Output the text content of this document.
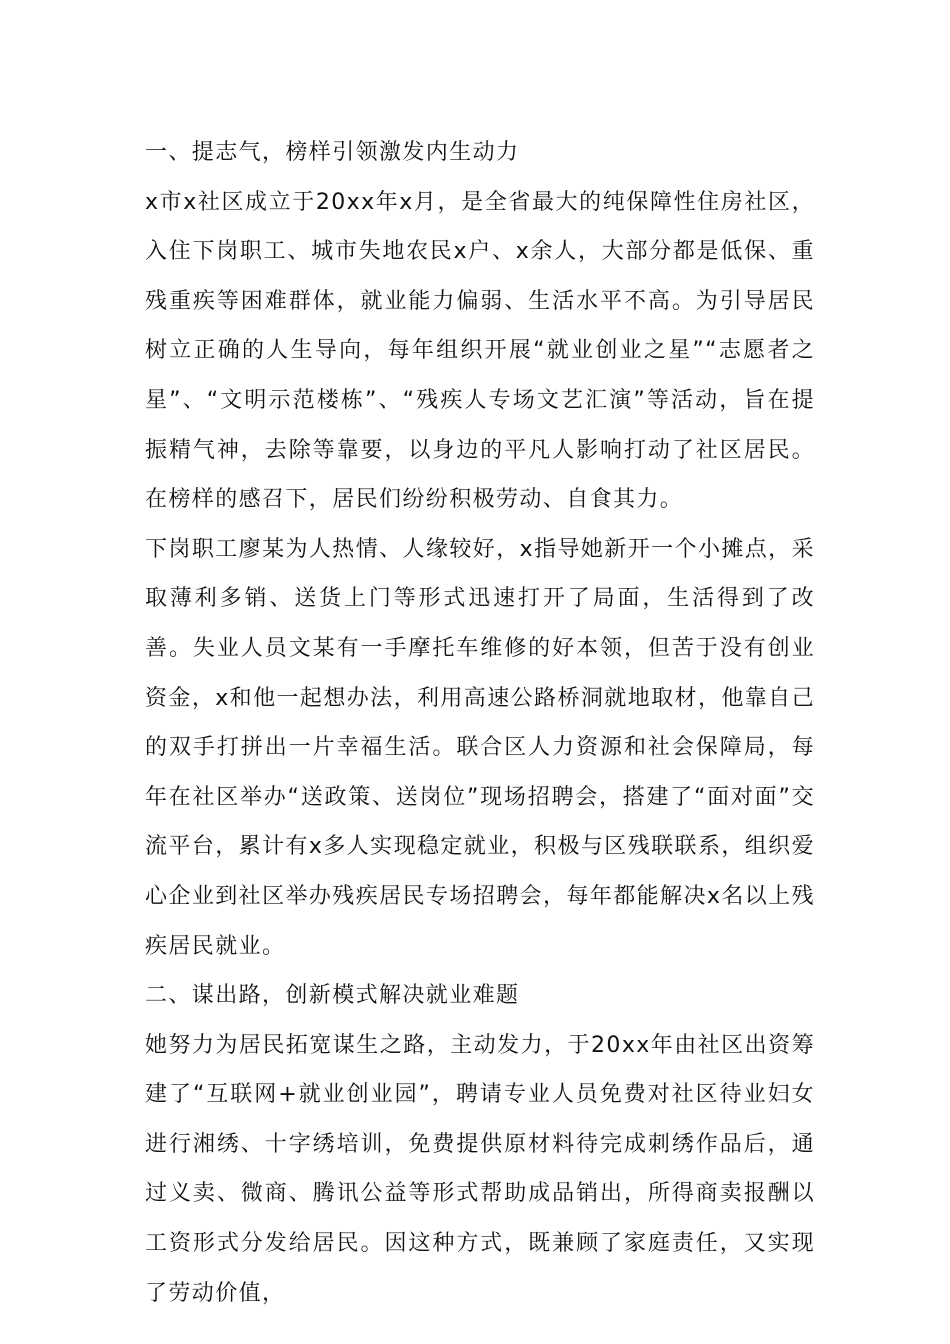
一、提志气，榜样引领激发内生动力

x市x社区成立于20xx年x月，是全省最大的纯保障性住房社区，入住下岗职工、城市失地农民x户、x余人，大部分都是低保、重残重疾等困难群体，就业能力偏弱、生活水平不高。为引导居民树立正确的人生导向，每年组织开展“就业创业之星”“志愿者之星”、“文明示范楼栋”、“残疾人专场文艺汇演”等活动，旨在提振精气神，去除等靠要，以身边的平凡人影响打动了社区居民。在榜样的感召下，居民们纷纷积极劳动、自食其力。

下岗职工廖某为人热情、人缘较好，x指导她新开一个小摊点，采取薄利多销、送货上门等形式迅速打开了局面，生活得到了改善。失业人员文某有一手摩托车维修的好本领，但苦于没有创业资金，x和他一起想办法，利用高速公路桥洞就地取材，他靠自己的双手打拼出一片幸福生活。联合区人力资源和社会保障局，每年在社区举办“送政策、送岗位”现场招聘会，搭建了“面对面”交流平台，累计有x多人实现稳定就业，积极与区残联联系，组织爱心企业到社区举办残疾居民专场招聘会，每年都能解决x名以上残疾居民就业。

二、谋出路，创新模式解决就业难题

她努力为居民拓宽谋生之路，主动发力，于20xx年由社区出资筹建了“互联网+就业创业园”，聘请专业人员免费对社区待业妇女进行湘绣、十字绣培训，免费提供原材料待完成刺绣作品后，通过义卖、微商、腾讯公益等形式帮助成品销出，所得商卖报酬以工资形式分发给居民。因这种方式，既兼顾了家庭责任，又实现了劳动价值，
